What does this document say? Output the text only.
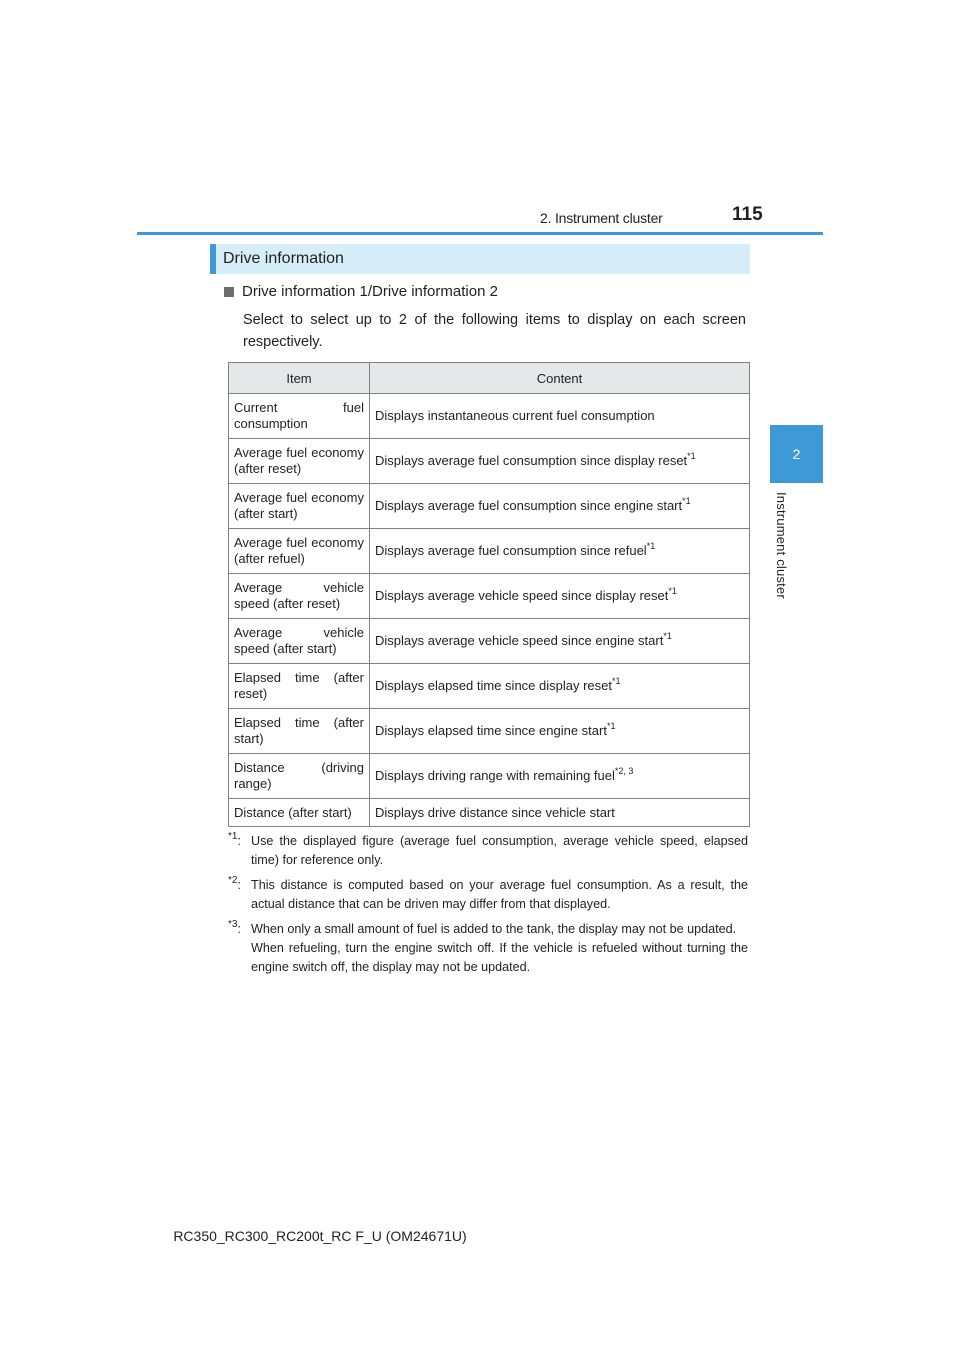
2. Instrument cluster	115
2
Instrument cluster
Drive information
Drive information 1/Drive information 2
Select to select up to 2 of the following items to display on each screen respectively.
Item	Content
Current fuel consumption	Displays instantaneous current fuel consumption
Average fuel economy (after reset)	Displays average fuel consumption since display reset$^{*1}$
Average fuel economy (after start)	Displays average fuel consumption since engine start$^{*1}$
Average fuel economy (after refuel)	Displays average fuel consumption since refuel$^{*1}$
Average vehicle speed (after reset)	Displays average vehicle speed since display reset$^{*1}$
Average vehicle speed (after start)	Displays average vehicle speed since engine start$^{*1}$
Elapsed time (after reset)	Displays elapsed time since display reset$^{*1}$
Elapsed time (after start)	Displays elapsed time since engine start$^{*1}$
Distance (driving range)	Displays driving range with remaining fuel$^{*2, 3}$
Distance (after start)	Displays drive distance since vehicle start
$^{*1}$: Use the displayed figure (average fuel consumption, average vehicle speed, elapsed time) for reference only.
$^{*2}$: This distance is computed based on your average fuel consumption. As a result, the actual distance that can be driven may differ from that displayed.
$^{*3}$: When only a small amount of fuel is added to the tank, the display may not be updated.
When refueling, turn the engine switch off. If the vehicle is refueled without turning the engine switch off, the display may not be updated.
RC350_RC300_RC200t_RC F_U (OM24671U)
